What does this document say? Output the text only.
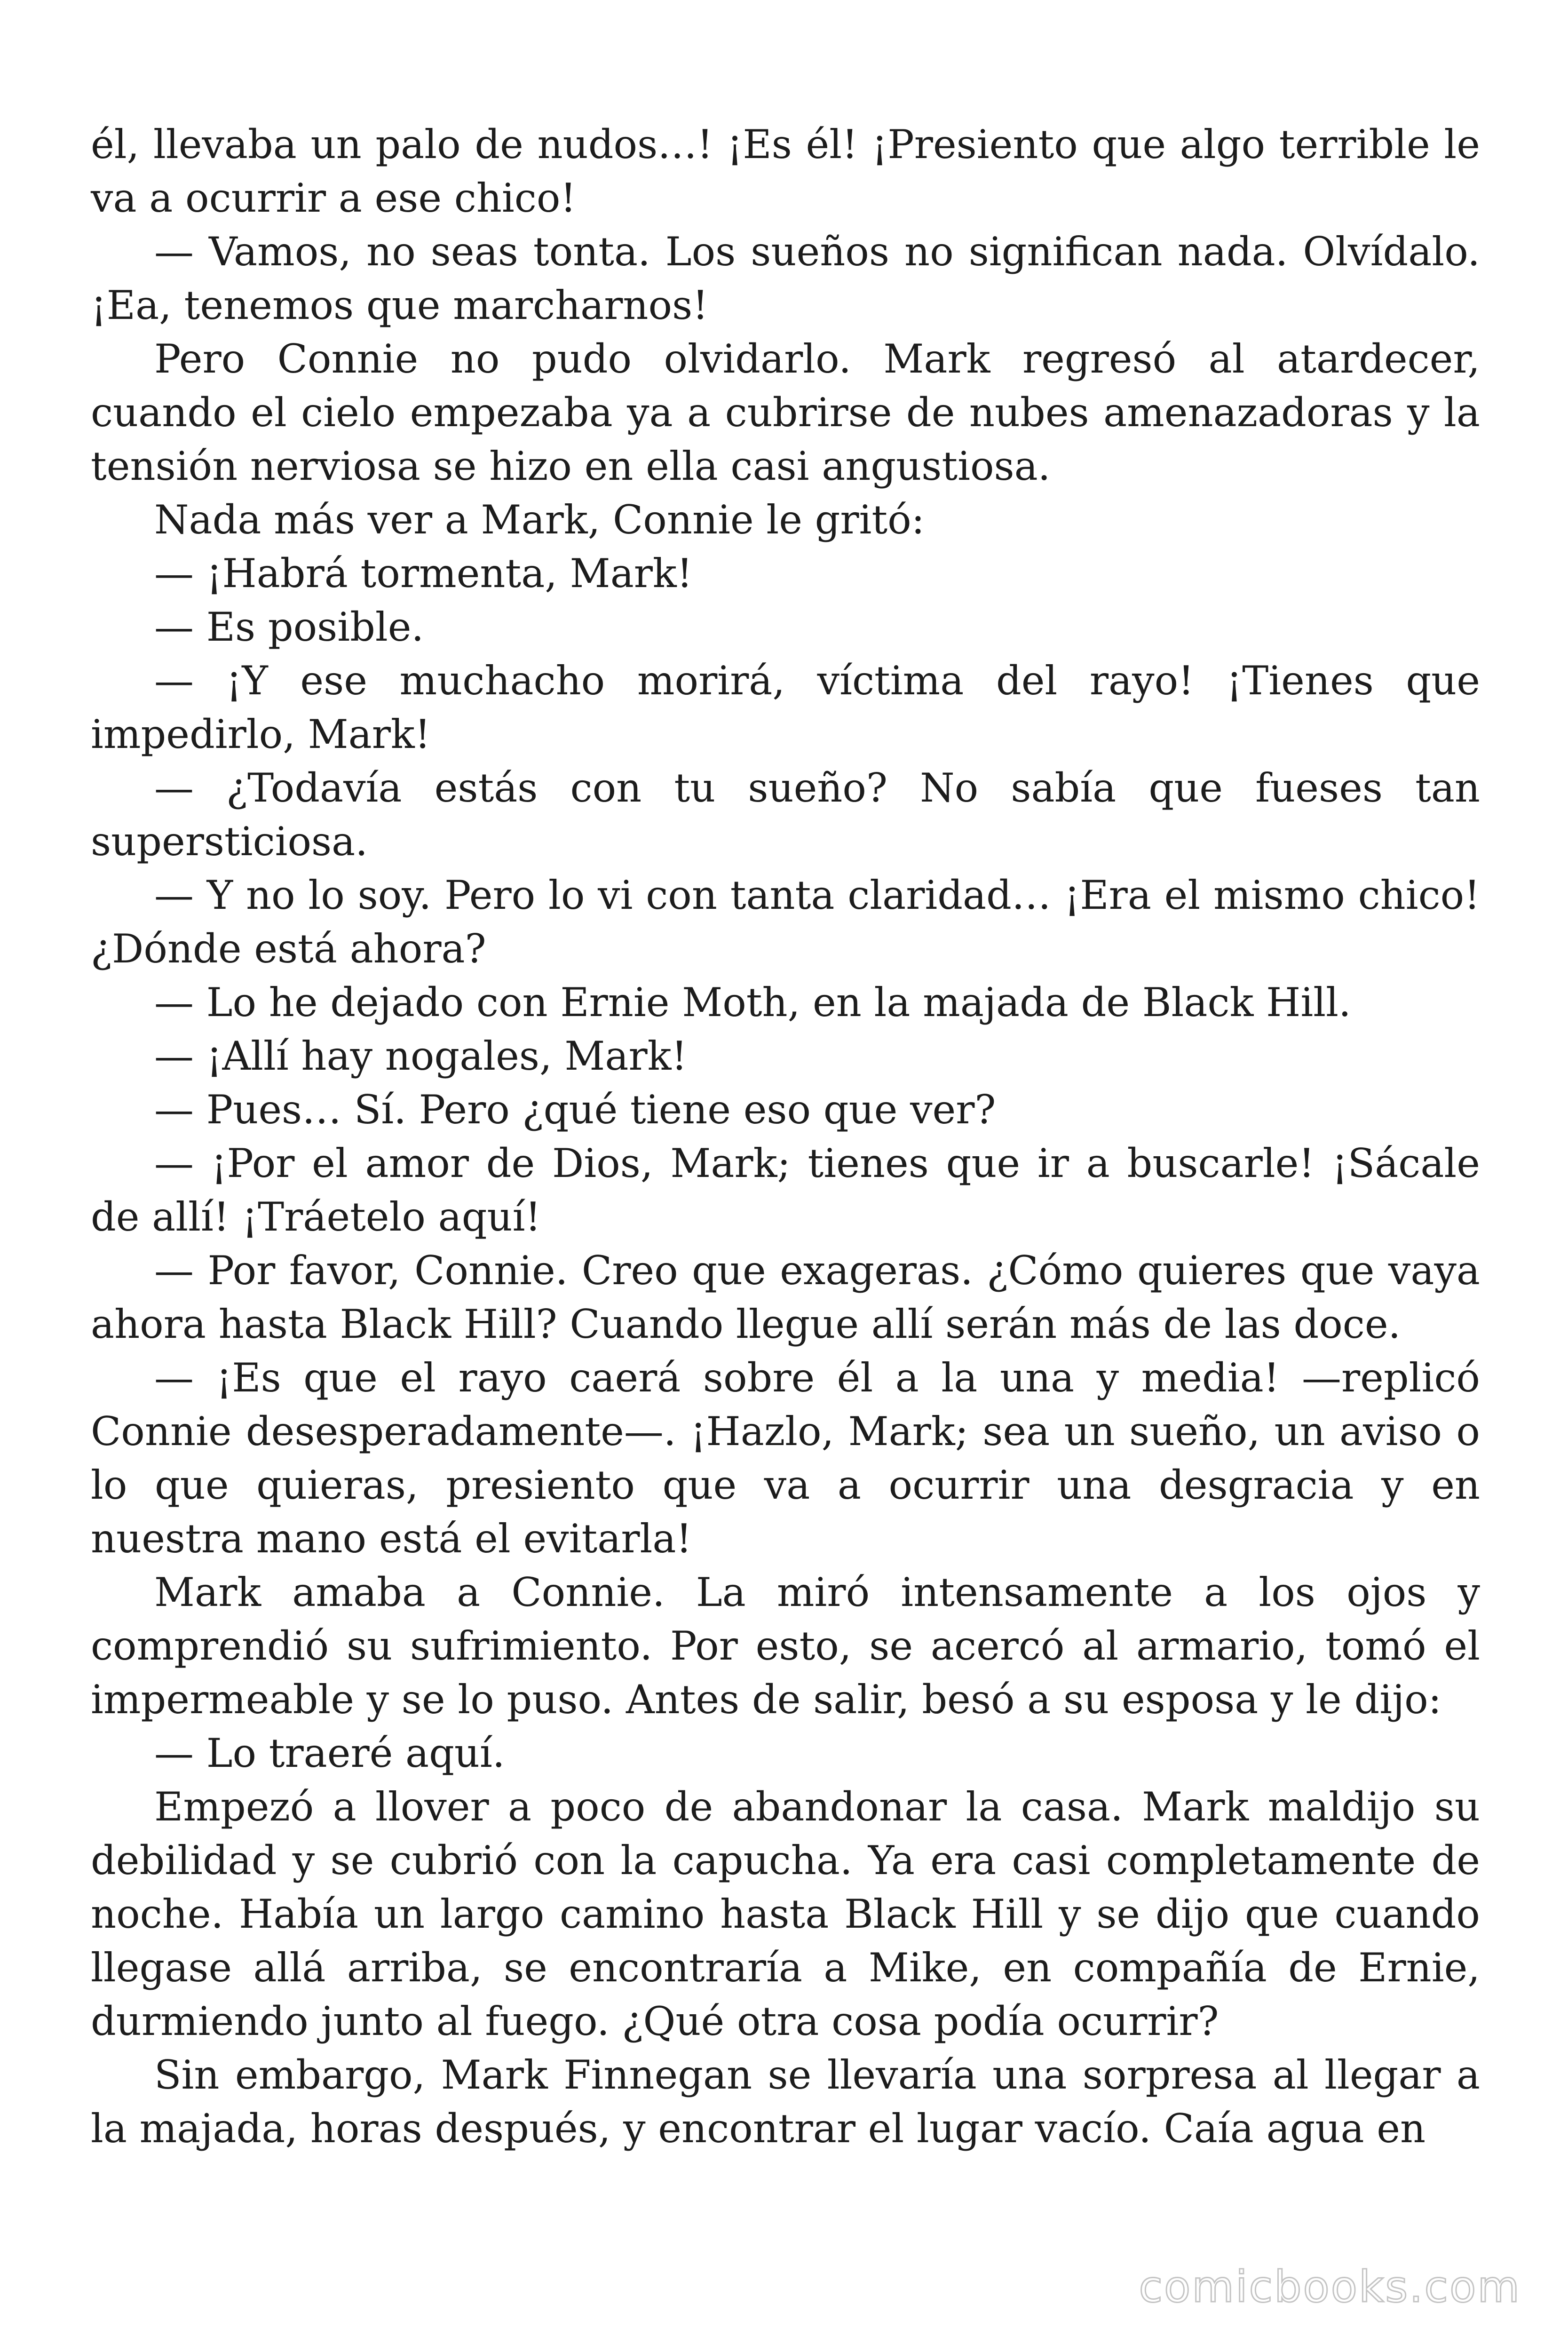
él, llevaba un palo de nudos…! ¡Es él! ¡Presiento que algo terrible le va a ocurrir a ese chico!

— Vamos, no seas tonta. Los sueños no significan nada. Olvídalo. ¡Ea, tenemos que marcharnos!

Pero Connie no pudo olvidarlo. Mark regresó al atardecer, cuando el cielo empezaba ya a cubrirse de nubes amenazadoras y la tensión nerviosa se hizo en ella casi angustiosa.

Nada más ver a Mark, Connie le gritó:

— ¡Habrá tormenta, Mark!

— Es posible.

— ¡Y ese muchacho morirá, víctima del rayo! ¡Tienes que impedirlo, Mark!

— ¿Todavía estás con tu sueño? No sabía que fueses tan supersticiosa.

— Y no lo soy. Pero lo vi con tanta claridad… ¡Era el mismo chico! ¿Dónde está ahora?

— Lo he dejado con Ernie Moth, en la majada de Black Hill.

— ¡Allí hay nogales, Mark!

— Pues… Sí. Pero ¿qué tiene eso que ver?

— ¡Por el amor de Dios, Mark; tienes que ir a buscarle! ¡Sácale de allí! ¡Tráetelo aquí!

— Por favor, Connie. Creo que exageras. ¿Cómo quieres que vaya ahora hasta Black Hill? Cuando llegue allí serán más de las doce.

— ¡Es que el rayo caerá sobre él a la una y media! —replicó Connie desesperadamente—. ¡Hazlo, Mark; sea un sueño, un aviso o lo que quieras, presiento que va a ocurrir una desgracia y en nuestra mano está el evitarla!

Mark amaba a Connie. La miró intensamente a los ojos y comprendió su sufrimiento. Por esto, se acercó al armario, tomó el impermeable y se lo puso. Antes de salir, besó a su esposa y le dijo:

— Lo traeré aquí.

Empezó a llover a poco de abandonar la casa. Mark maldijo su debilidad y se cubrió con la capucha. Ya era casi completamente de noche. Había un largo camino hasta Black Hill y se dijo que cuando llegase allá arriba, se encontraría a Mike, en compañía de Ernie, durmiendo junto al fuego. ¿Qué otra cosa podía ocurrir?

Sin embargo, Mark Finnegan se llevaría una sorpresa al llegar a la majada, horas después, y encontrar el lugar vacío. Caía agua en

comicbooks.com
